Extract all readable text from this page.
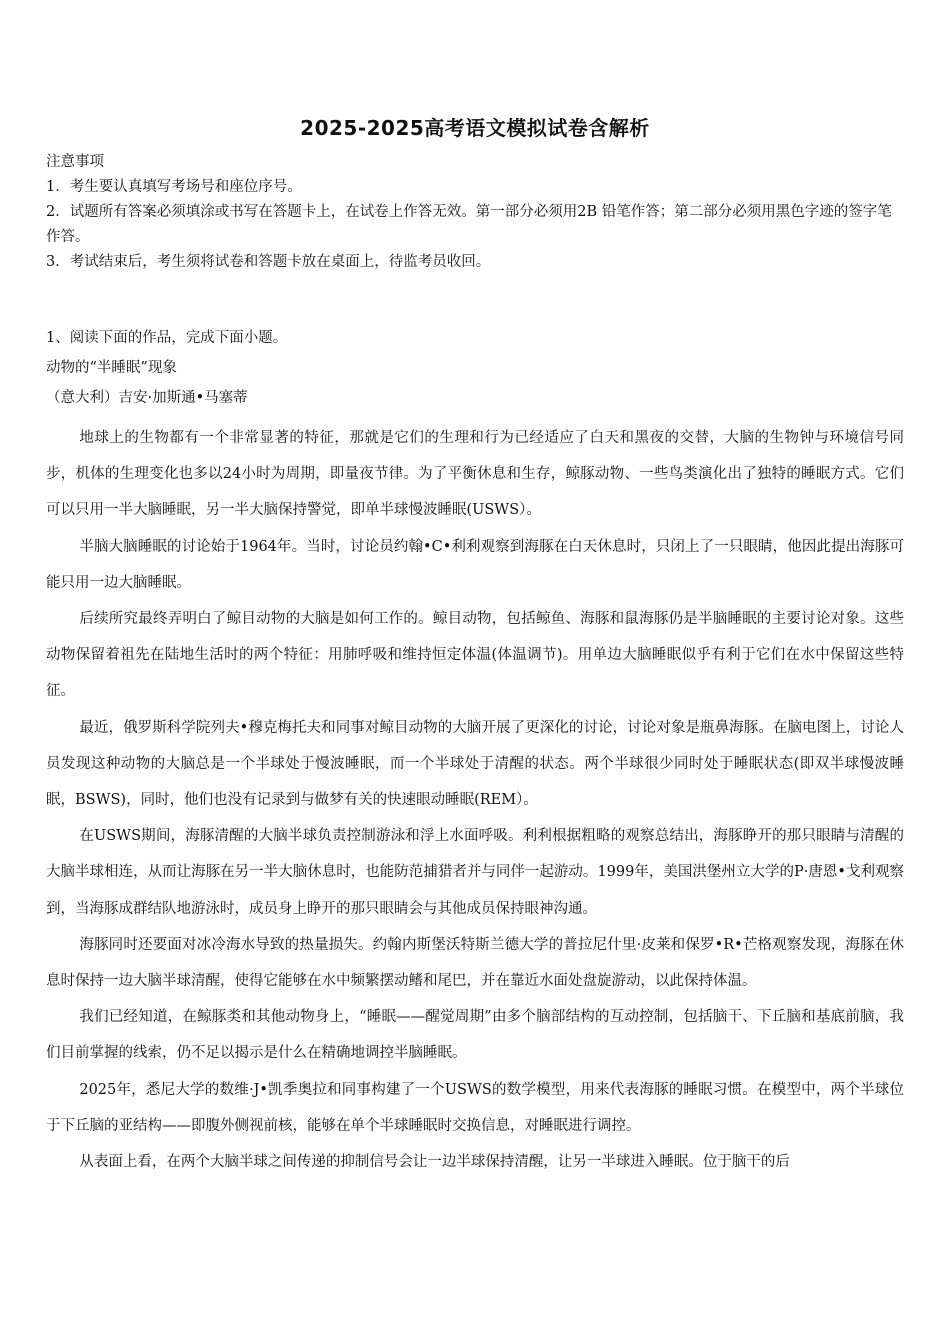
2025-2025高考语文模拟试卷含解析

注意事项

1．考生要认真填写考场号和座位序号。

2．试题所有答案必须填涂或书写在答题卡上，在试卷上作答无效。第一部分必须用2B 铅笔作答；第二部分必须用黑色字迹的签字笔作答。

3．考试结束后，考生须将试卷和答题卡放在桌面上，待监考员收回。

1、阅读下面的作品，完成下面小题。

动物的“半睡眠”现象

（意大利）吉安·加斯通•马塞蒂

地球上的生物都有一个非常显著的特征，那就是它们的生理和行为已经适应了白天和黑夜的交替，大脑的生物钟与环境信号同步，机体的生理变化也多以24小时为周期，即量夜节律。为了平衡休息和生存，鲸豚动物、一些鸟类演化出了独特的睡眠方式。它们可以只用一半大脑睡眠，另一半大脑保持警觉，即单半球慢波睡眠(USWS）。

半脑大脑睡眠的讨论始于1964年。当时，讨论员约翰•C•利利观察到海豚在白天休息时，只闭上了一只眼睛，他因此提出海豚可能只用一边大脑睡眠。

后续所究最终弄明白了鲸目动物的大脑是如何工作的。鲸目动物，包括鲸鱼、海豚和鼠海豚仍是半脑睡眠的主要讨论对象。这些动物保留着祖先在陆地生活时的两个特征：用肺呼吸和维持恒定体温(体温调节)。用单边大脑睡眠似乎有利于它们在水中保留这些特征。

最近，俄罗斯科学院列夫•穆克梅托夫和同事对鲸目动物的大脑开展了更深化的讨论，讨论对象是瓶鼻海豚。在脑电图上，讨论人员发现这种动物的大脑总是一个半球处于慢波睡眠，而一个半球处于清醒的状态。两个半球很少同时处于睡眠状态(即双半球慢波睡眠，BSWS)，同时，他们也没有记录到与做梦有关的快速眼动睡眠(REM）。

在USWS期间，海豚清醒的大脑半球负责控制游泳和浮上水面呼吸。利利根据粗略的观察总结出，海豚睁开的那只眼睛与清醒的大脑半球相连，从而让海豚在另一半大脑休息时，也能防范捕猎者并与同伴一起游动。1999年，美国洪堡州立大学的P·唐恩•戈利观察到，当海豚成群结队地游泳时，成员身上睁开的那只眼睛会与其他成员保持眼神沟通。

海豚同时还要面对冰冷海水导致的热量损失。约翰内斯堡沃特斯兰德大学的普拉尼什里·皮莱和保罗•R•芒格观察发现，海豚在休息时保持一边大脑半球清醒，使得它能够在水中频繁摆动鳍和尾巴，并在靠近水面处盘旋游动，以此保持体温。

我们已经知道，在鲸豚类和其他动物身上，“睡眠——醒觉周期”由多个脑部结构的互动控制，包括脑干、下丘脑和基底前脑，我们目前掌握的线索，仍不足以揭示是什么在精确地调控半脑睡眠。

2025年，悉尼大学的数维·J•凯季奥拉和同事构建了一个USWS的数学模型，用来代表海豚的睡眠习惯。在模型中，两个半球位于下丘脑的亚结构——即腹外侧视前核，能够在单个半球睡眠时交换信息，对睡眠进行调控。

从表面上看，在两个大脑半球之间传递的抑制信号会让一边半球保持清醒，让另一半球进入睡眠。位于脑干的后
